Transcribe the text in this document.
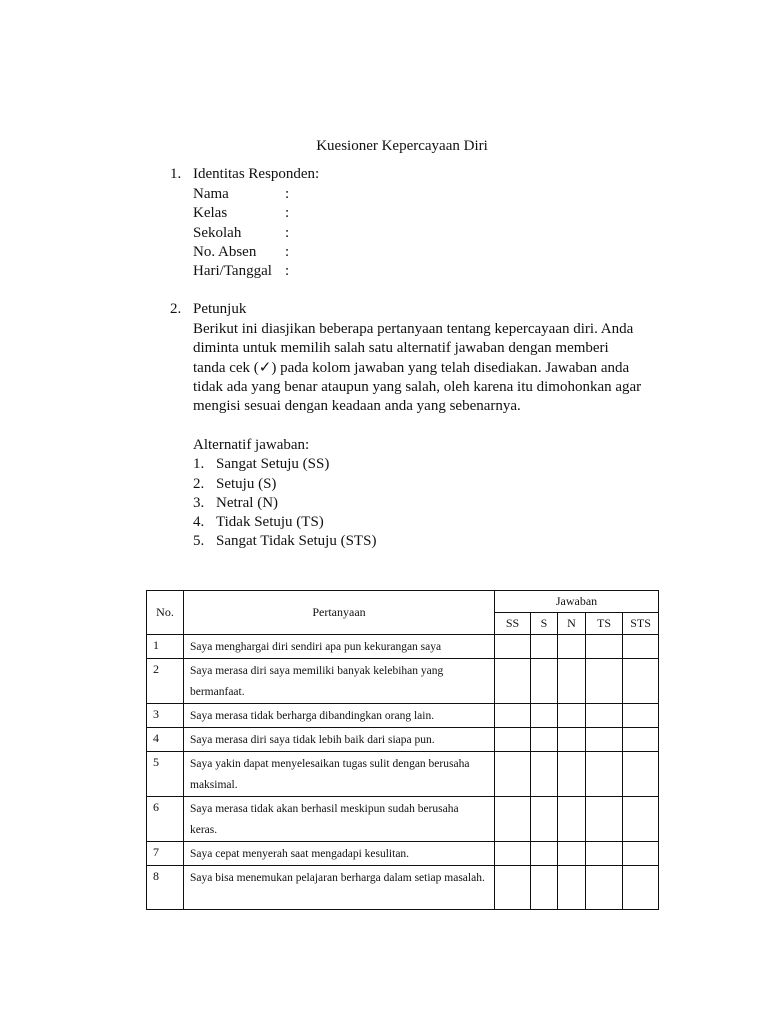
Kuesioner Kepercayaan Diri
1. Identitas Responden:
Nama	:
Kelas	:
Sekolah	:
No. Absen	:
Hari/Tanggal :
2. Petunjuk
Berikut ini diasjikan beberapa pertanyaan tentang kepercayaan diri. Anda
diminta untuk memilih salah satu alternatif jawaban dengan memberi
tanda cek (✓) pada kolom jawaban yang telah disediakan. Jawaban anda
tidak ada yang benar ataupun yang salah, oleh karena itu dimohonkan agar
mengisi sesuai dengan keadaan anda yang sebenarnya.
Alternatif jawaban:
1. Sangat Setuju (SS)
2. Setuju (S)
3. Netral (N)
4. Tidak Setuju (TS)
5. Sangat Tidak Setuju (STS)
No.	Pertanyaan	Jawaban				
		SS	S	N	TS	STS
1	Saya menghargai diri sendiri apa pun kekurangan saya					
2	Saya merasa diri saya memiliki banyak kelebihan yang bermanfaat.					
3	Saya merasa tidak berharga dibandingkan orang lain.					
4	Saya merasa diri saya tidak lebih baik dari siapa pun.					
5	Saya yakin dapat menyelesaikan tugas sulit dengan berusaha maksimal.					
6	Saya merasa tidak akan berhasil meskipun sudah berusaha keras.					
7	Saya cepat menyerah saat mengadapi kesulitan.					
8	Saya bisa menemukan pelajaran berharga dalam setiap masalah.					
